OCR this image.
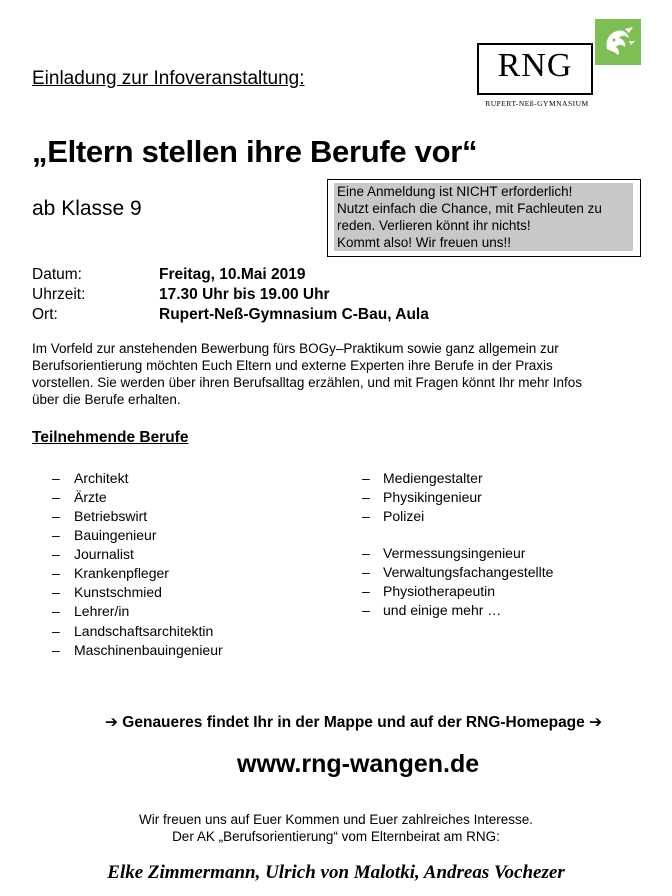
Einladung zur Infoveranstaltung:	RNG
RUPERT-NEß-GYMNASIUM
„Eltern stellen ihre Berufe vor“
ab Klasse 9
Eine Anmeldung ist NICHT erforderlich!
Nutzt einfach die Chance, mit Fachleuten zu
reden. Verlieren könnt ihr nichts!
Kommt also! Wir freuen uns!!
Datum:	Freitag, 10.Mai 2019
Uhrzeit:	17.30 Uhr bis 19.00 Uhr
Ort:	Rupert-Neß-Gymnasium C-Bau, Aula
Im Vorfeld zur anstehenden Bewerbung fürs BOGy–Praktikum sowie ganz allgemein zur
Berufsorientierung möchten Euch Eltern und externe Experten ihre Berufe in der Praxis
vorstellen. Sie werden über ihren Berufsalltag erzählen, und mit Fragen könnt Ihr mehr Infos
über die Berufe erhalten.
Teilnehmende Berufe
– Architekt
– Ärzte
– Betriebswirt
– Bauingenieur
– Journalist
– Krankenpfleger
– Kunstschmied
– Lehrer/in
– Landschaftsarchitektin
– Maschinenbauingenieur
– Mediengestalter
– Physikingenieur
– Polizei
– Vermessungsingenieur
– Verwaltungsfachangestellte
– Physiotherapeutin
– und einige mehr …
➔ Genaueres findet Ihr in der Mappe und auf der RNG-Homepage ➔
www.rng-wangen.de
Wir freuen uns auf Euer Kommen und Euer zahlreiches Interesse.
Der AK „Berufsorientierung“ vom Elternbeirat am RNG:
Elke Zimmermann, Ulrich von Malotki, Andreas Vochezer
